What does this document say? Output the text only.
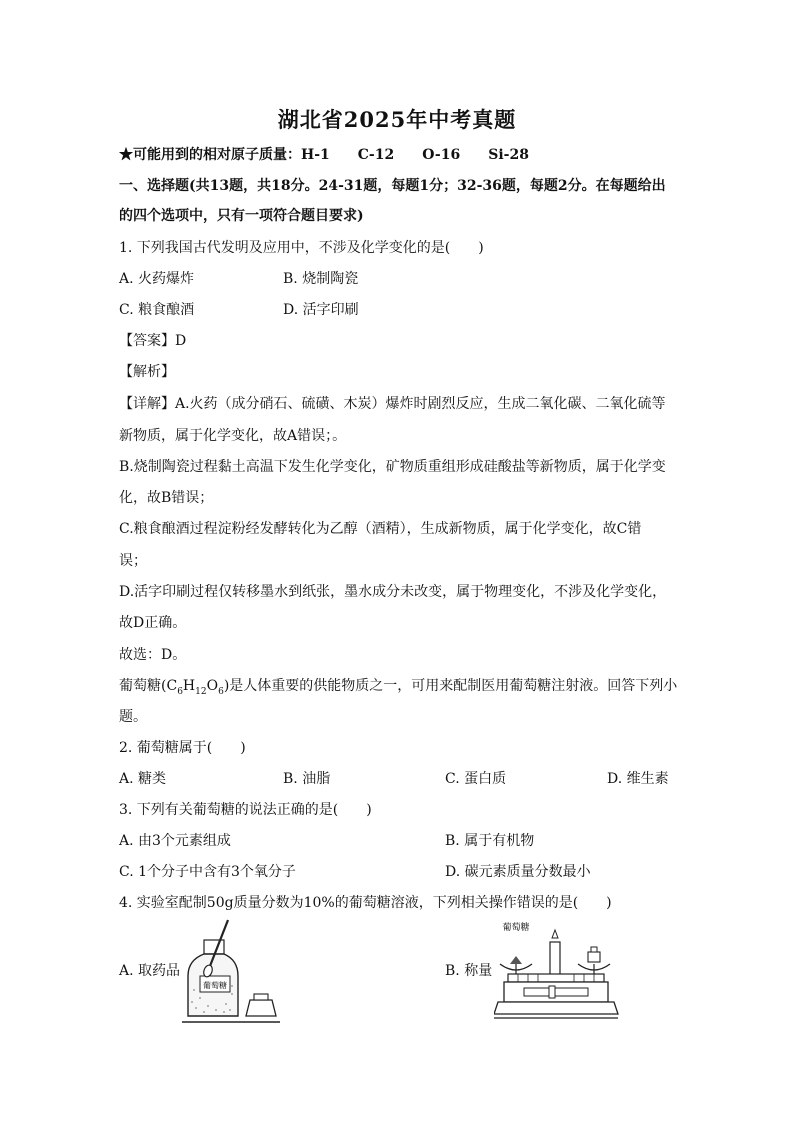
湖北省2025年中考真题
★可能用到的相对原子质量：H-1　　C-12　　O-16　　Si-28
一、选择题(共13题，共18分。24-31题，每题1分；32-36题，每题2分。在每题给出
的四个选项中，只有一项符合题目要求)
1. 下列我国古代发明及应用中，不涉及化学变化的是(　　)
A. 火药爆炸	B. 烧制陶瓷
C. 粮食酿酒	D. 活字印刷
【答案】D
【解析】
【详解】A.火药（成分硝石、硫磺、木炭）爆炸时剧烈反应，生成二氧化碳、二氧化硫等
新物质，属于化学变化，故A错误；。
B.烧制陶瓷过程黏土高温下发生化学变化，矿物质重组形成硅酸盐等新物质，属于化学变
化，故B错误；
C.粮食酿酒过程淀粉经发酵转化为乙醇（酒精），生成新物质，属于化学变化，故C错
误；
D.活字印刷过程仅转移墨水到纸张，墨水成分未改变，属于物理变化，不涉及化学变化，
故D正确。
故选：D。
葡萄糖$(C_6H_{12}O_6)$是人体重要的供能物质之一，可用来配制医用葡萄糖注射液。回答下列小
题。
2. 葡萄糖属于(　　)
A. 糖类	B. 油脂	C. 蛋白质	D. 维生素
3. 下列有关葡萄糖的说法正确的是(　　)
A. 由3个元素组成	B. 属于有机物
C. 1个分子中含有3个氧分子	D. 碳元素质量分数最小
4. 实验室配制50g质量分数为10%的葡萄糖溶液，下列相关操作错误的是(　　)
A. 取药品	B. 称量
葡萄糖
葡萄糖
